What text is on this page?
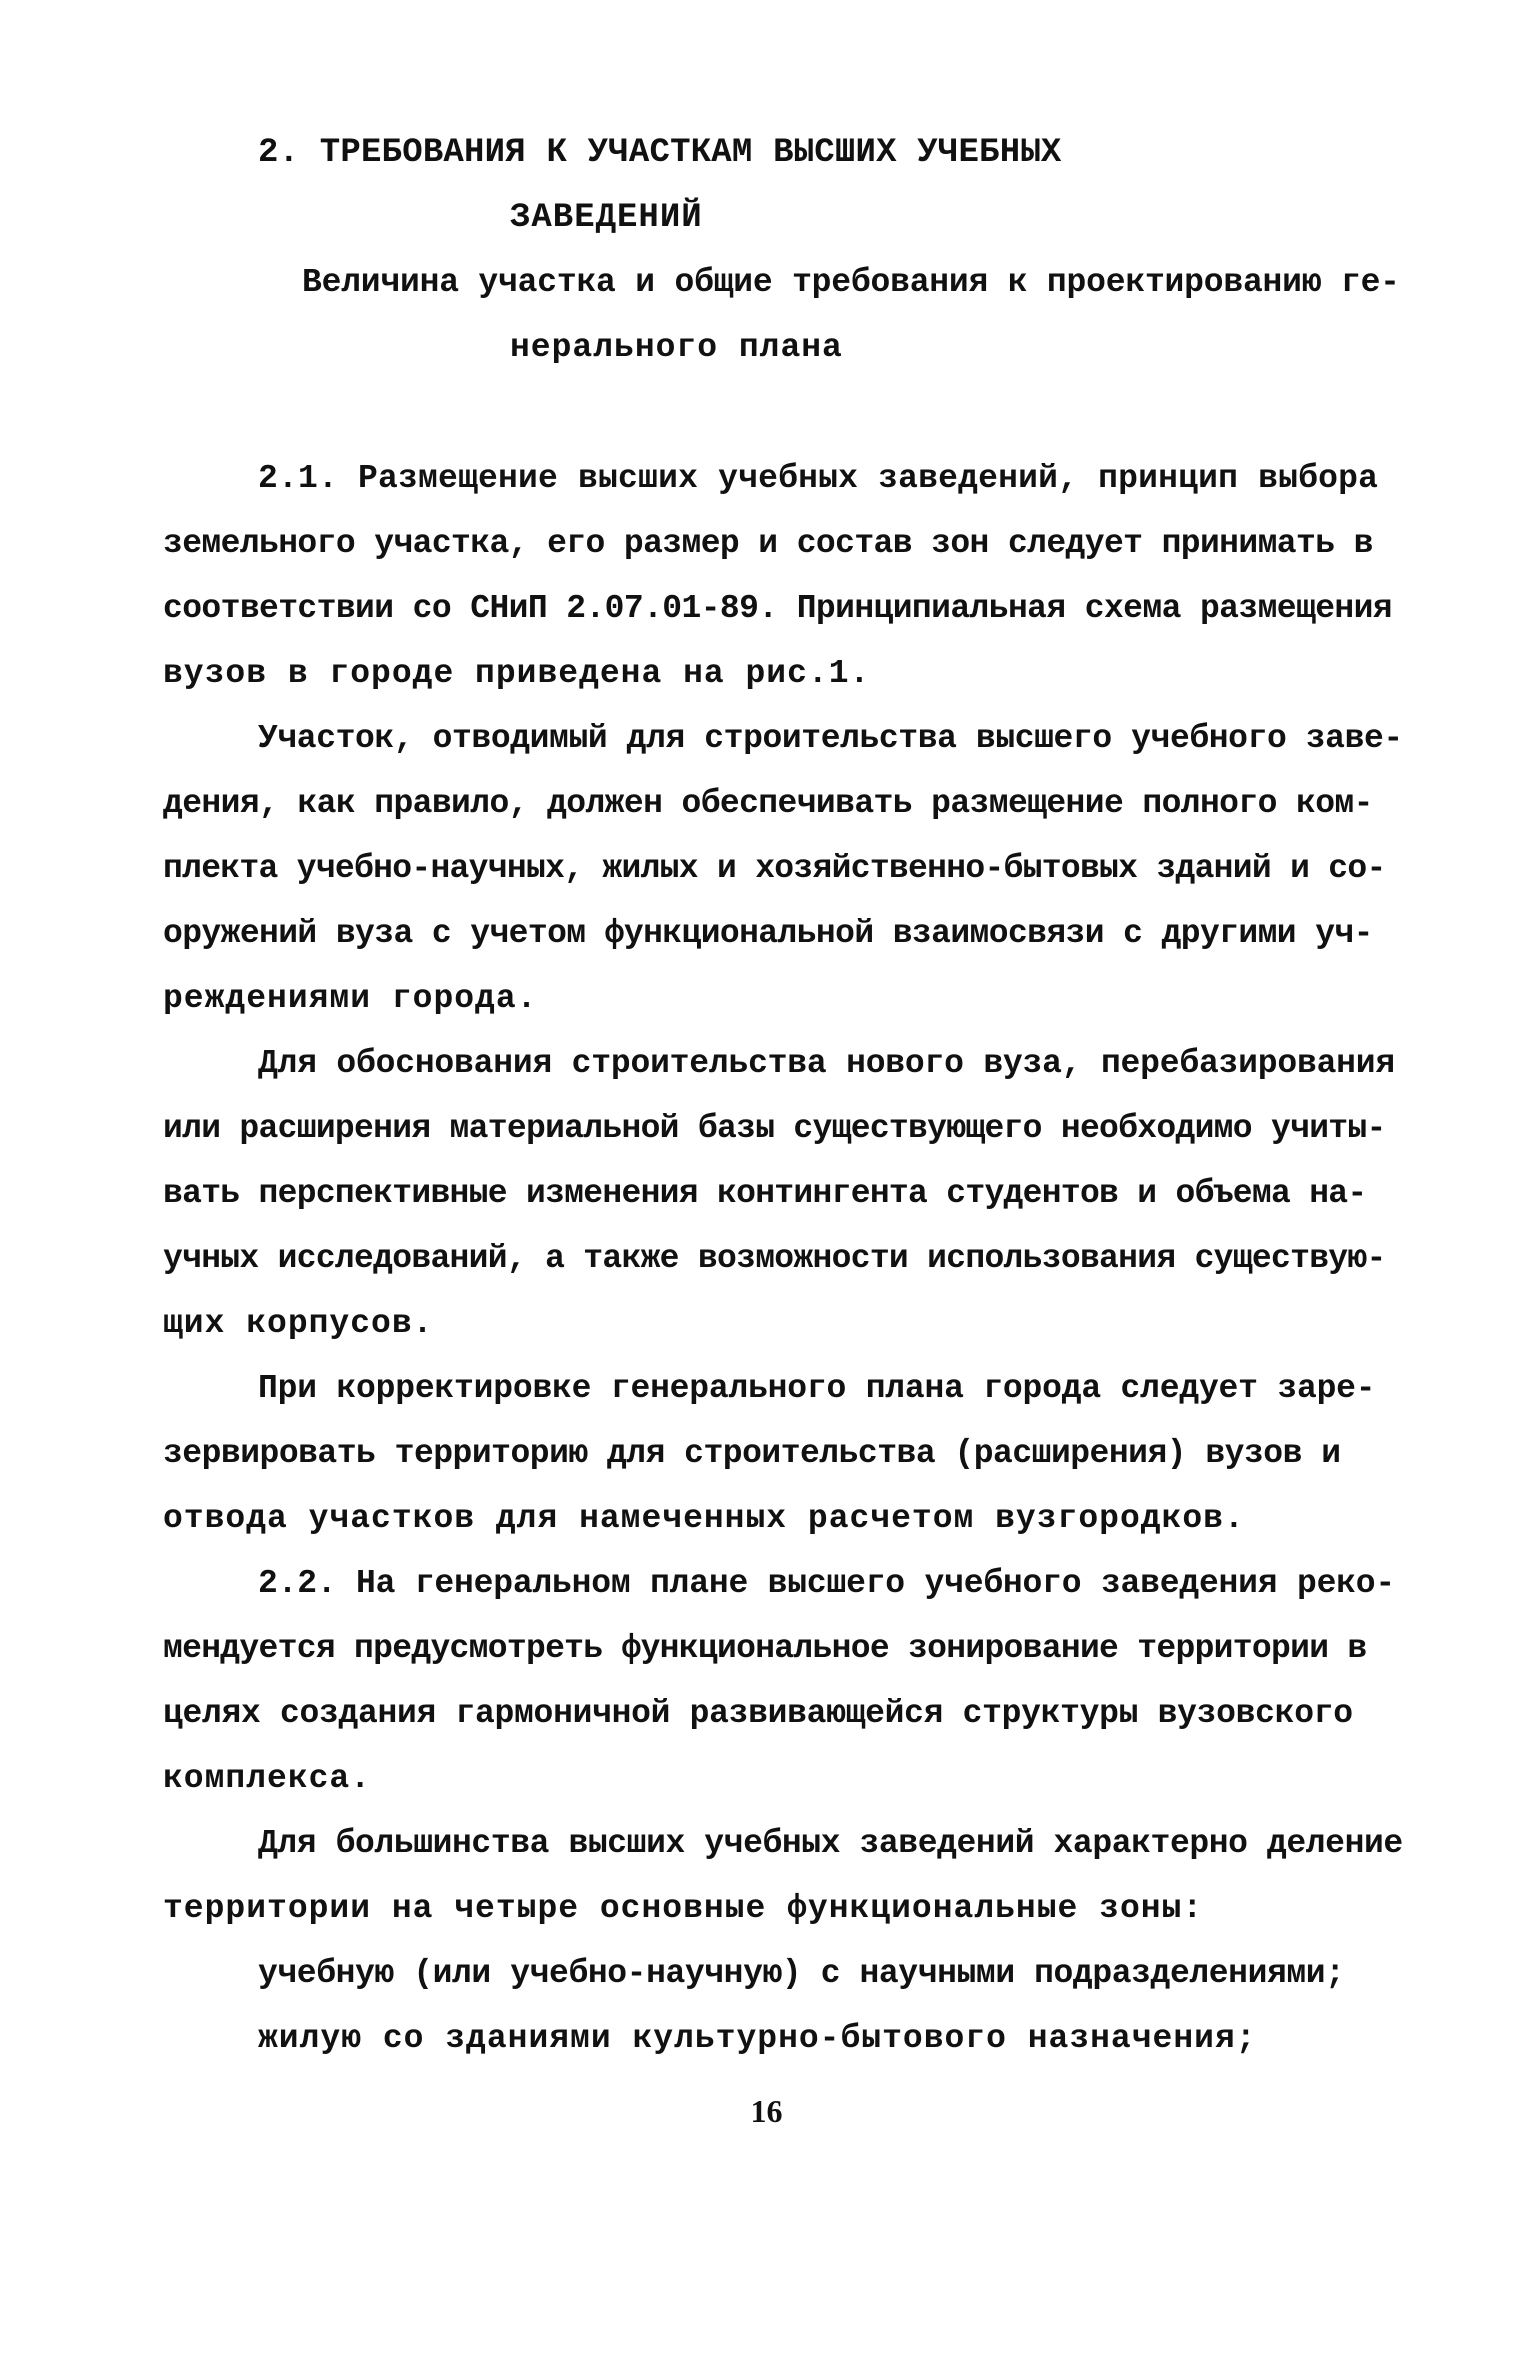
2. ТРЕБОВАНИЯ К УЧАСТКАМ ВЫСШИХ УЧЕБНЫХ
ЗАВЕДЕНИЙ
Величина участка и общие требования к проектированию ге-
нерального плана
2.1. Размещение высших учебных заведений, принцип выбора
земельного участка, его размер и состав зон следует принимать в
соответствии со СНиП 2.07.01-89. Принципиальная схема размещения
вузов в городе приведена на рис.1.
Участок, отводимый для строительства высшего учебного заве-
дения, как правило, должен обеспечивать размещение полного ком-
плекта учебно-научных, жилых и хозяйственно-бытовых зданий и со-
оружений вуза с учетом функциональной взаимосвязи с другими уч-
реждениями города.
Для обоснования строительства нового вуза, перебазирования
или расширения материальной базы существующего необходимо учиты-
вать перспективные изменения контингента студентов и объема на-
учных исследований, а также возможности использования существую-
щих корпусов.
При корректировке генерального плана города следует заре-
зервировать территорию для строительства (расширения) вузов и
отвода участков для намеченных расчетом вузгородков.
2.2. На генеральном плане высшего учебного заведения реко-
мендуется предусмотреть функциональное зонирование территории в
целях создания гармоничной развивающейся структуры вузовского
комплекса.
Для большинства высших учебных заведений характерно деление
территории на четыре основные функциональные зоны:
учебную (или учебно-научную) с научными подразделениями;
жилую со зданиями культурно-бытового назначения;
16
